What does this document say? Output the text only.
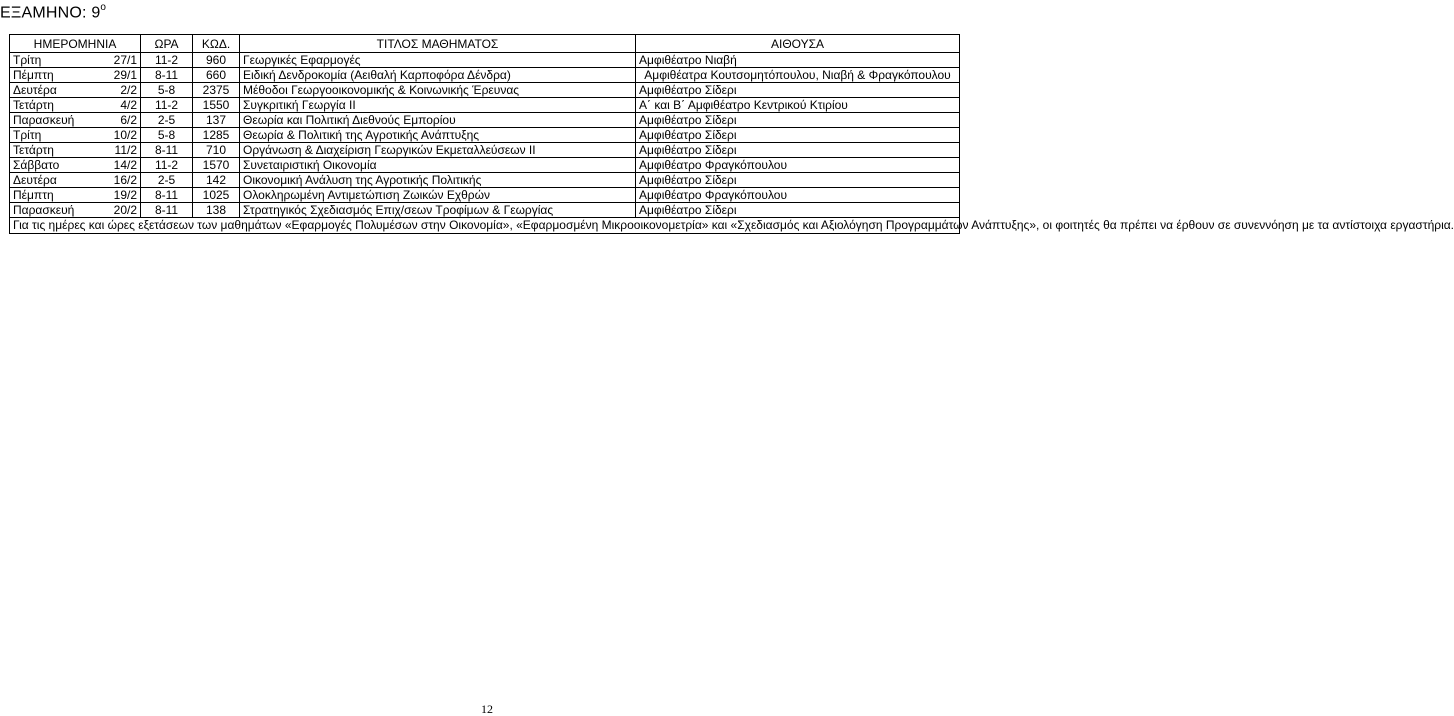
ΕΞΑΜΗΝΟ: $9^o$
ΗΜΕΡΟΜΗΝΙΑ		ΩΡΑ	ΚΩΔ.	ΤΙΤΛΟΣ ΜΑΘΗΜΑΤΟΣ	ΑΙΘΟΥΣΑ
Τρίτη	27/1	11-2	960	Γεωργικές Εφαρμογές	Αμφιθέατρο Νιαβή
Πέμπτη	29/1	8-11	660	Ειδική Δενδροκομία (Αειθαλή Καρποφόρα Δένδρα)	Αμφιθέατρα Κουτσομητόπουλου, Νιαβή & Φραγκόπουλου
Δευτέρα	2/2	5-8	2375	Μέθοδοι Γεωργοοικονομικής & Κοινωνικής Έρευνας	Αμφιθέατρο Σίδερι
Τετάρτη	4/2	11-2	1550	Συγκριτική Γεωργία ΙΙ	Α΄ και Β΄ Αμφιθέατρο Κεντρικού Κτιρίου
Παρασκευή	6/2	2-5	137	Θεωρία και Πολιτική Διεθνούς Εμπορίου	Αμφιθέατρο Σίδερι
Τρίτη	10/2	5-8	1285	Θεωρία & Πολιτική της Αγροτικής Ανάπτυξης	Αμφιθέατρο Σίδερι
Τετάρτη	11/2	8-11	710	Οργάνωση & Διαχείριση Γεωργικών Εκμεταλλεύσεων ΙΙ	Αμφιθέατρο Σίδερι
Σάββατο	14/2	11-2	1570	Συνεταιριστική Οικονομία	Αμφιθέατρο Φραγκόπουλου
Δευτέρα	16/2	2-5	142	Οικονομική Ανάλυση της Αγροτικής Πολιτικής	Αμφιθέατρο Σίδερι
Πέμπτη	19/2	8-11	1025	Ολοκληρωμένη Αντιμετώπιση Ζωικών Εχθρών	Αμφιθέατρο Φραγκόπουλου
Παρασκευή	20/2	8-11	138	Στρατηγικός Σχεδιασμός Επιχ/σεων Τροφίμων & Γεωργίας	Αμφιθέατρο Σίδερι
Για τις ημέρες και ώρες εξετάσεων των μαθημάτων «Εφαρμογές Πολυμέσων στην Οικονομία», «Εφαρμοσμένη Μικροοικονομετρία» και «Σχεδιασμός και Αξιολόγηση Προγραμμάτων Ανάπτυξης», οι φοιτητές θα πρέπει να έρθουν σε συνεννόηση με τα αντίστοιχα εργαστήρια.					
12
